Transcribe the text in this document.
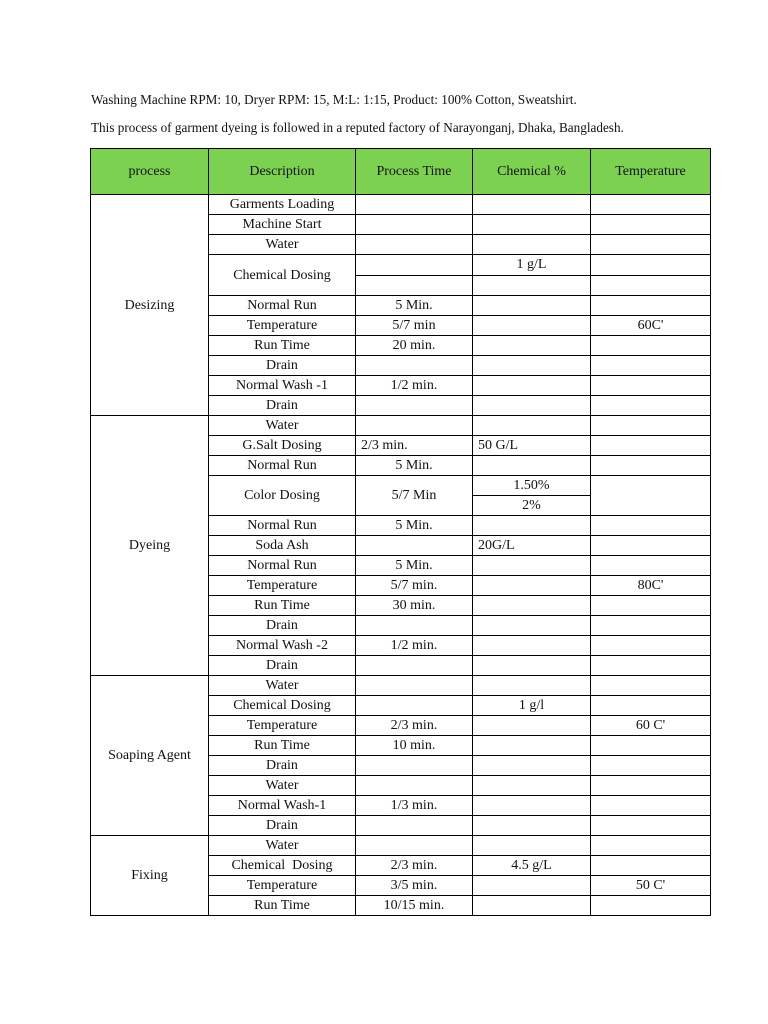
Washing Machine RPM: 10, Dryer RPM: 15, M:L: 1:15, Product: 100% Cotton, Sweatshirt.
This process of garment dyeing is followed in a reputed factory of Narayonganj, Dhaka, Bangladesh.
process	Description	Process Time	Chemical %	Temperature
Desizing	Garments Loading			
	Machine Start			
	Water			
	Chemical Dosing		1 g/L	

	Normal Run	5 Min.		
	Temperature	5/7 min		60C'
	Run Time	20 min.		
	Drain			
	Normal Wash -1	1/2 min.		
	Drain			
Dyeing	Water			
	G.Salt Dosing	2/3 min.	50 G/L	
	Normal Run	5 Min.		
	Color Dosing	5/7 Min	1.50%	
			2%	
	Normal Run	5 Min.		
	Soda Ash		20G/L	
	Normal Run	5 Min.		
	Temperature	5/7 min.		80C'
	Run Time	30 min.		
	Drain			
	Normal Wash -2	1/2 min.		
	Drain			
Soaping Agent	Water			
	Chemical Dosing		1 g/l	
	Temperature	2/3 min.		60 C'
	Run Time	10 min.		
	Drain			
	Water			
	Normal Wash-1	1/3 min.		
	Drain			
Fixing	Water			
	Chemical  Dosing	2/3 min.	4.5 g/L	
	Temperature	3/5 min.		50 C'
	Run Time	10/15 min.		
